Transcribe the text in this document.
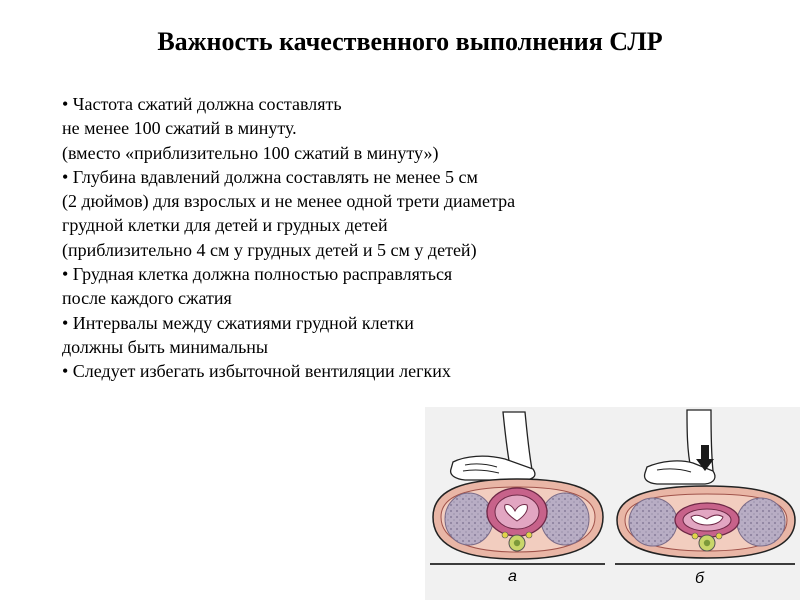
Важность качественного выполнения СЛР
• Частота сжатий должна составлять
не менее 100 сжатий в минуту.
(вместо «приблизительно 100 сжатий в минуту»)
• Глубина вдавлений должна составлять не менее 5 см
(2 дюймов) для взрослых и не менее одной трети диаметра
грудной клетки для детей и грудных детей
(приблизительно 4 см у грудных детей и 5 см у детей)
• Грудная клетка должна полностью расправляться
после каждого сжатия
• Интервалы между сжатиями грудной клетки
должны быть минимальны
• Следует избегать избыточной вентиляции легких
а	б
